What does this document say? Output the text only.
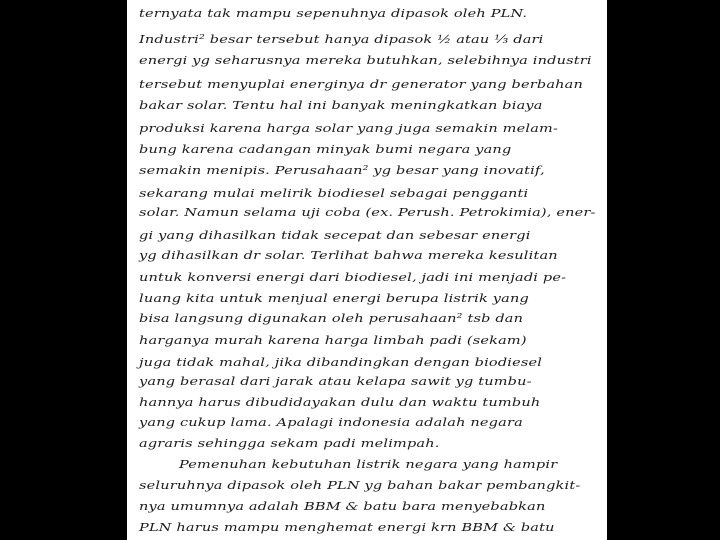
ternyata tak mampu sepenuhnya dipasok oleh PLN.
Industri² besar tersebut hanya dipasok ½ atau ⅓ dari
energi yg seharusnya mereka butuhkan, selebihnya industri
tersebut menyuplai energinya dr generator yang berbahan
bakar solar. Tentu hal ini banyak meningkatkan biaya
produksi karena harga solar yang juga semakin melam-
bung karena cadangan minyak bumi negara yang
semakin menipis. Perusahaan² yg besar yang inovatif,
sekarang mulai melirik biodiesel sebagai pengganti
solar. Namun selama uji coba (ex. Perush. Petrokimia), ener-
gi yang dihasilkan tidak secepat dan sebesar energi
yg dihasilkan dr solar. Terlihat bahwa mereka kesulitan
untuk konversi energi dari biodiesel, jadi ini menjadi pe-
luang kita untuk menjual energi berupa listrik yang
bisa langsung digunakan oleh perusahaan² tsb dan
harganya murah karena harga limbah padi (sekam)
juga tidak mahal, jika dibandingkan dengan biodiesel
yang berasal dari jarak atau kelapa sawit yg tumbu-
hannya harus dibudidayakan dulu dan waktu tumbuh
yang cukup lama. Apalagi indonesia adalah negara
agraris sehingga sekam padi melimpah.
Pemenuhan kebutuhan listrik negara yang hampir
seluruhnya dipasok oleh PLN yg bahan bakar pembangkit-
nya umumnya adalah BBM & batu bara menyebabkan
PLN harus mampu menghemat energi krn BBM & batu
